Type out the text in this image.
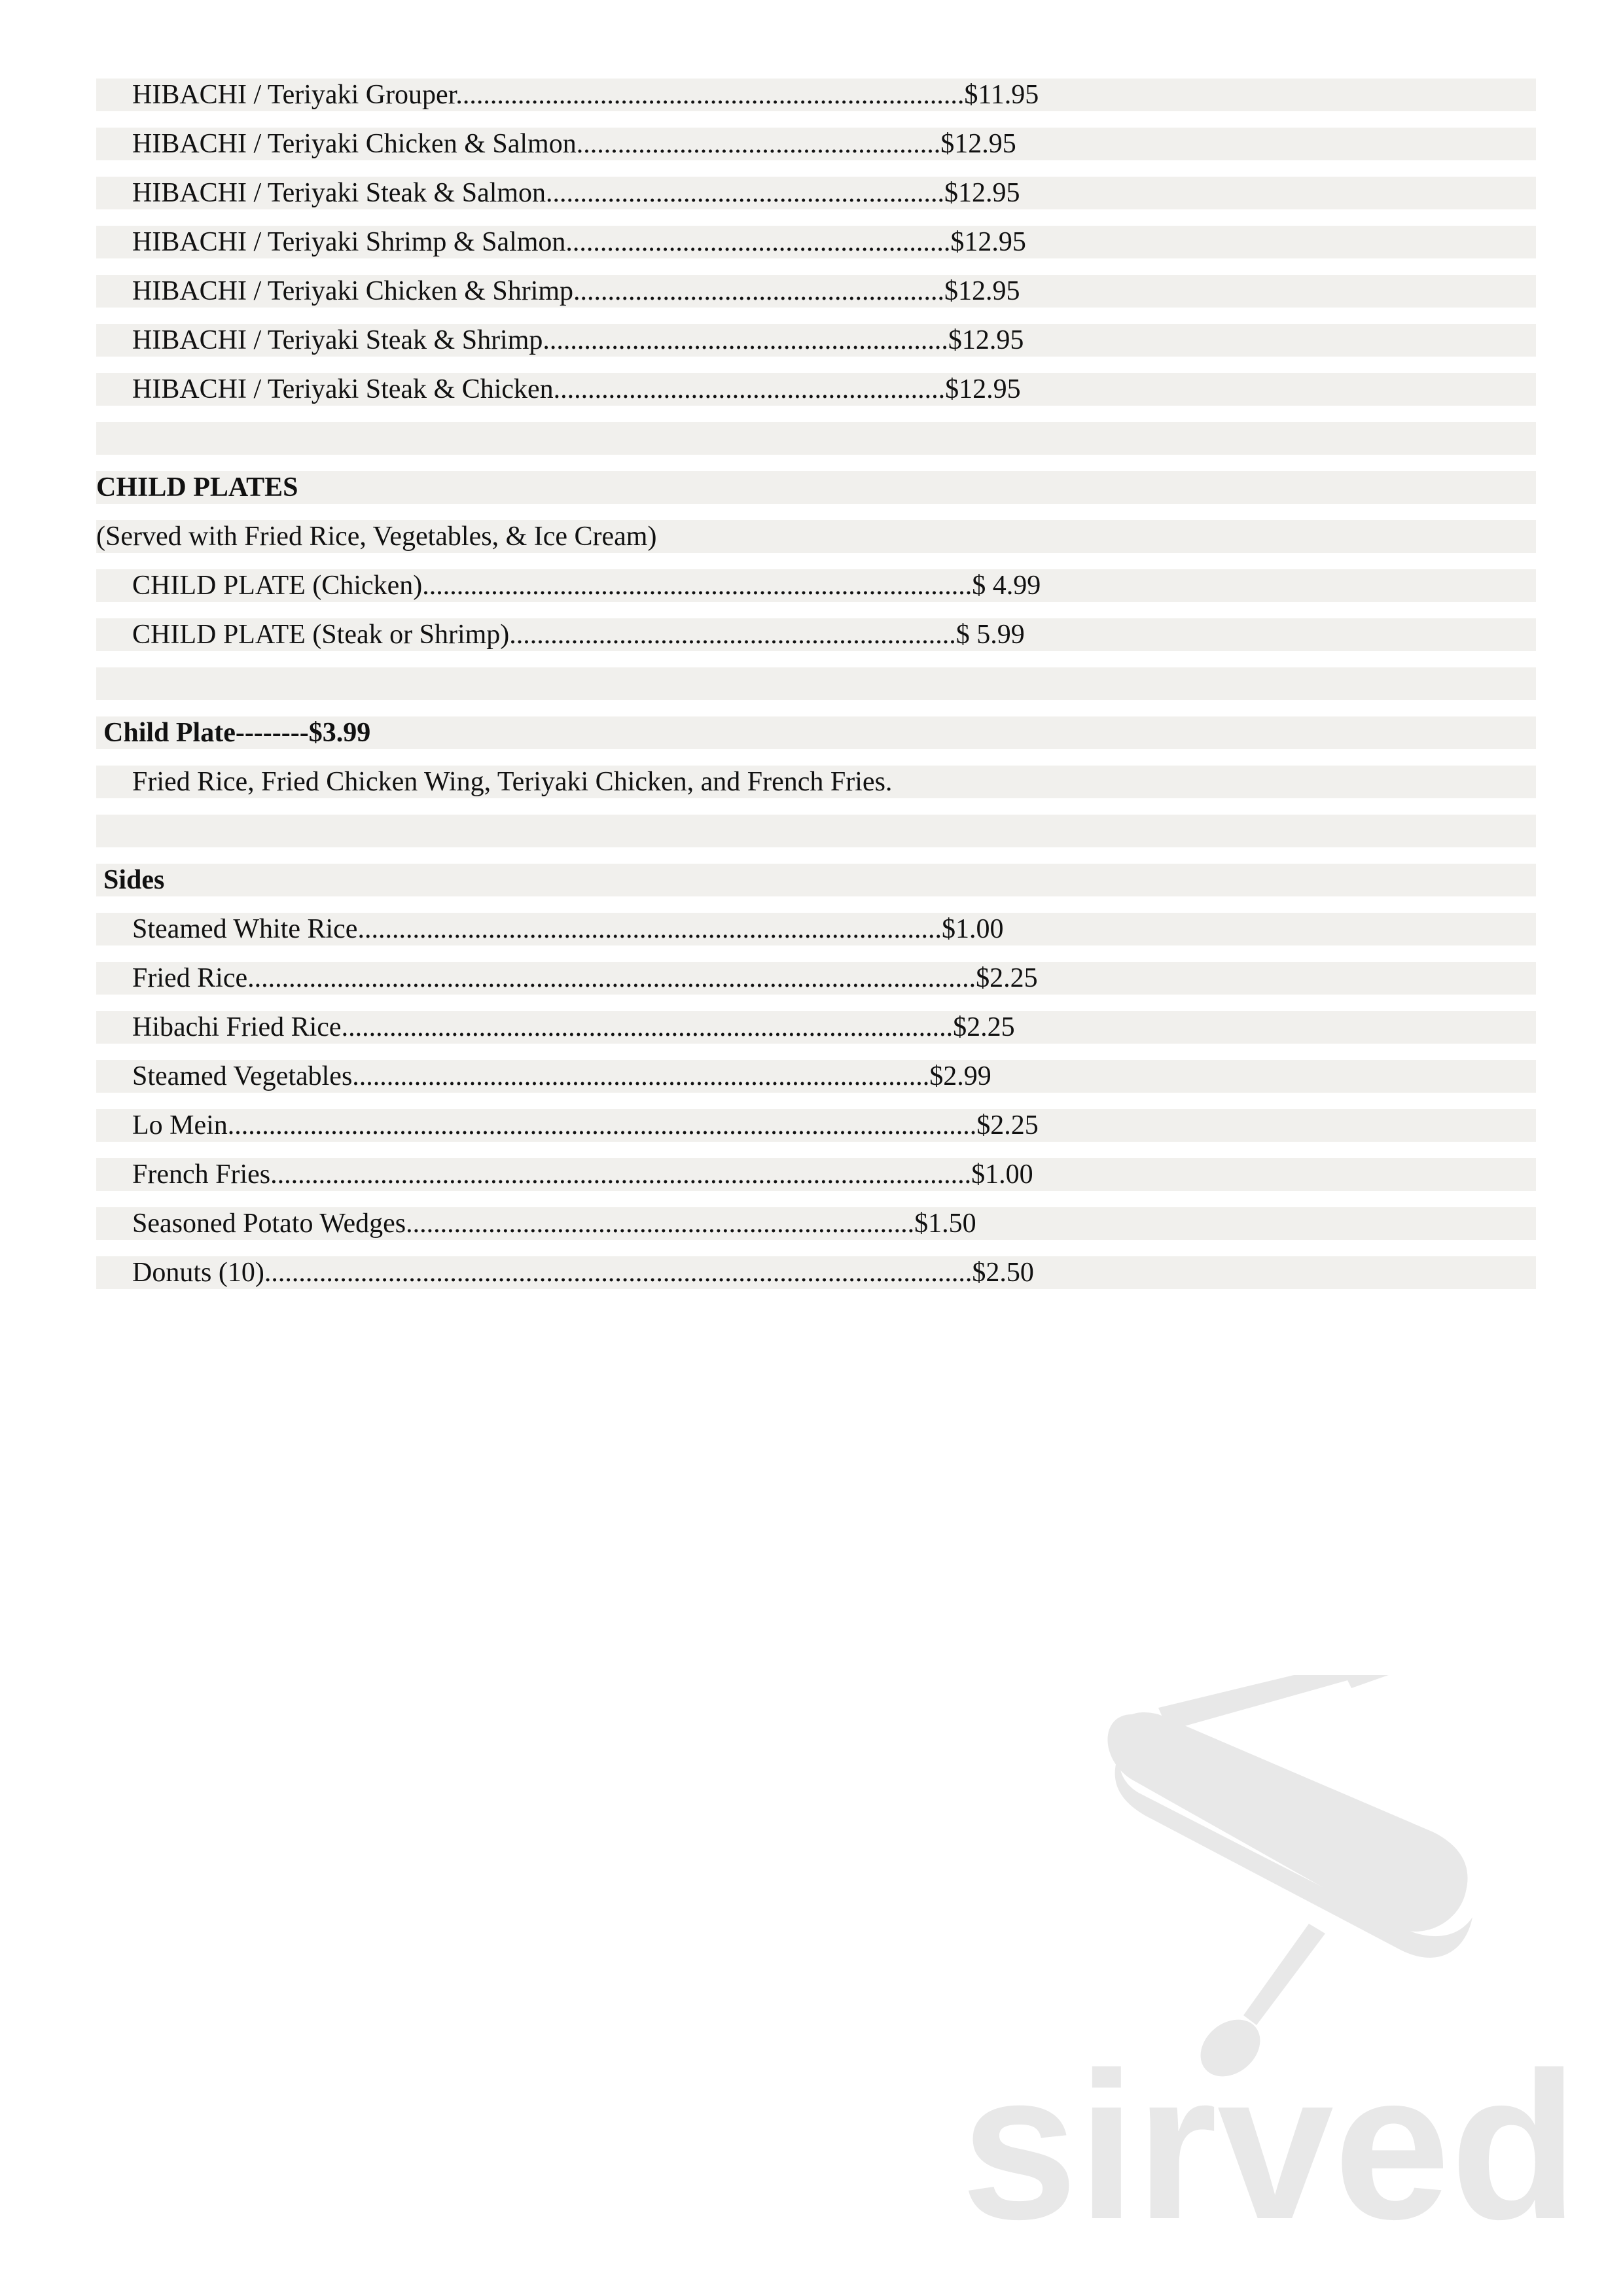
HIBACHI / Teriyaki Grouper..........................................................................$11.95
HIBACHI / Teriyaki Chicken & Salmon.....................................................$12.95
HIBACHI / Teriyaki Steak & Salmon..........................................................$12.95
HIBACHI / Teriyaki Shrimp & Salmon........................................................$12.95
HIBACHI / Teriyaki Chicken & Shrimp......................................................$12.95
HIBACHI / Teriyaki Steak & Shrimp...........................................................$12.95
HIBACHI / Teriyaki Steak & Chicken.........................................................$12.95
CHILD PLATES
(Served with Fried Rice, Vegetables, & Ice Cream)
CHILD PLATE (Chicken)................................................................................$ 4.99
CHILD PLATE (Steak or Shrimp).................................................................$ 5.99
Child Plate--------$3.99
Fried Rice, Fried Chicken Wing, Teriyaki Chicken, and French Fries.
Sides
Steamed White Rice.....................................................................................$1.00
Fried Rice..........................................................................................................$2.25
Hibachi Fried Rice.........................................................................................$2.25
Steamed Vegetables....................................................................................$2.99
Lo Mein.............................................................................................................$2.25
French Fries......................................................................................................$1.00
Seasoned Potato Wedges..........................................................................$1.50
Donuts (10).......................................................................................................$2.50
sirved
